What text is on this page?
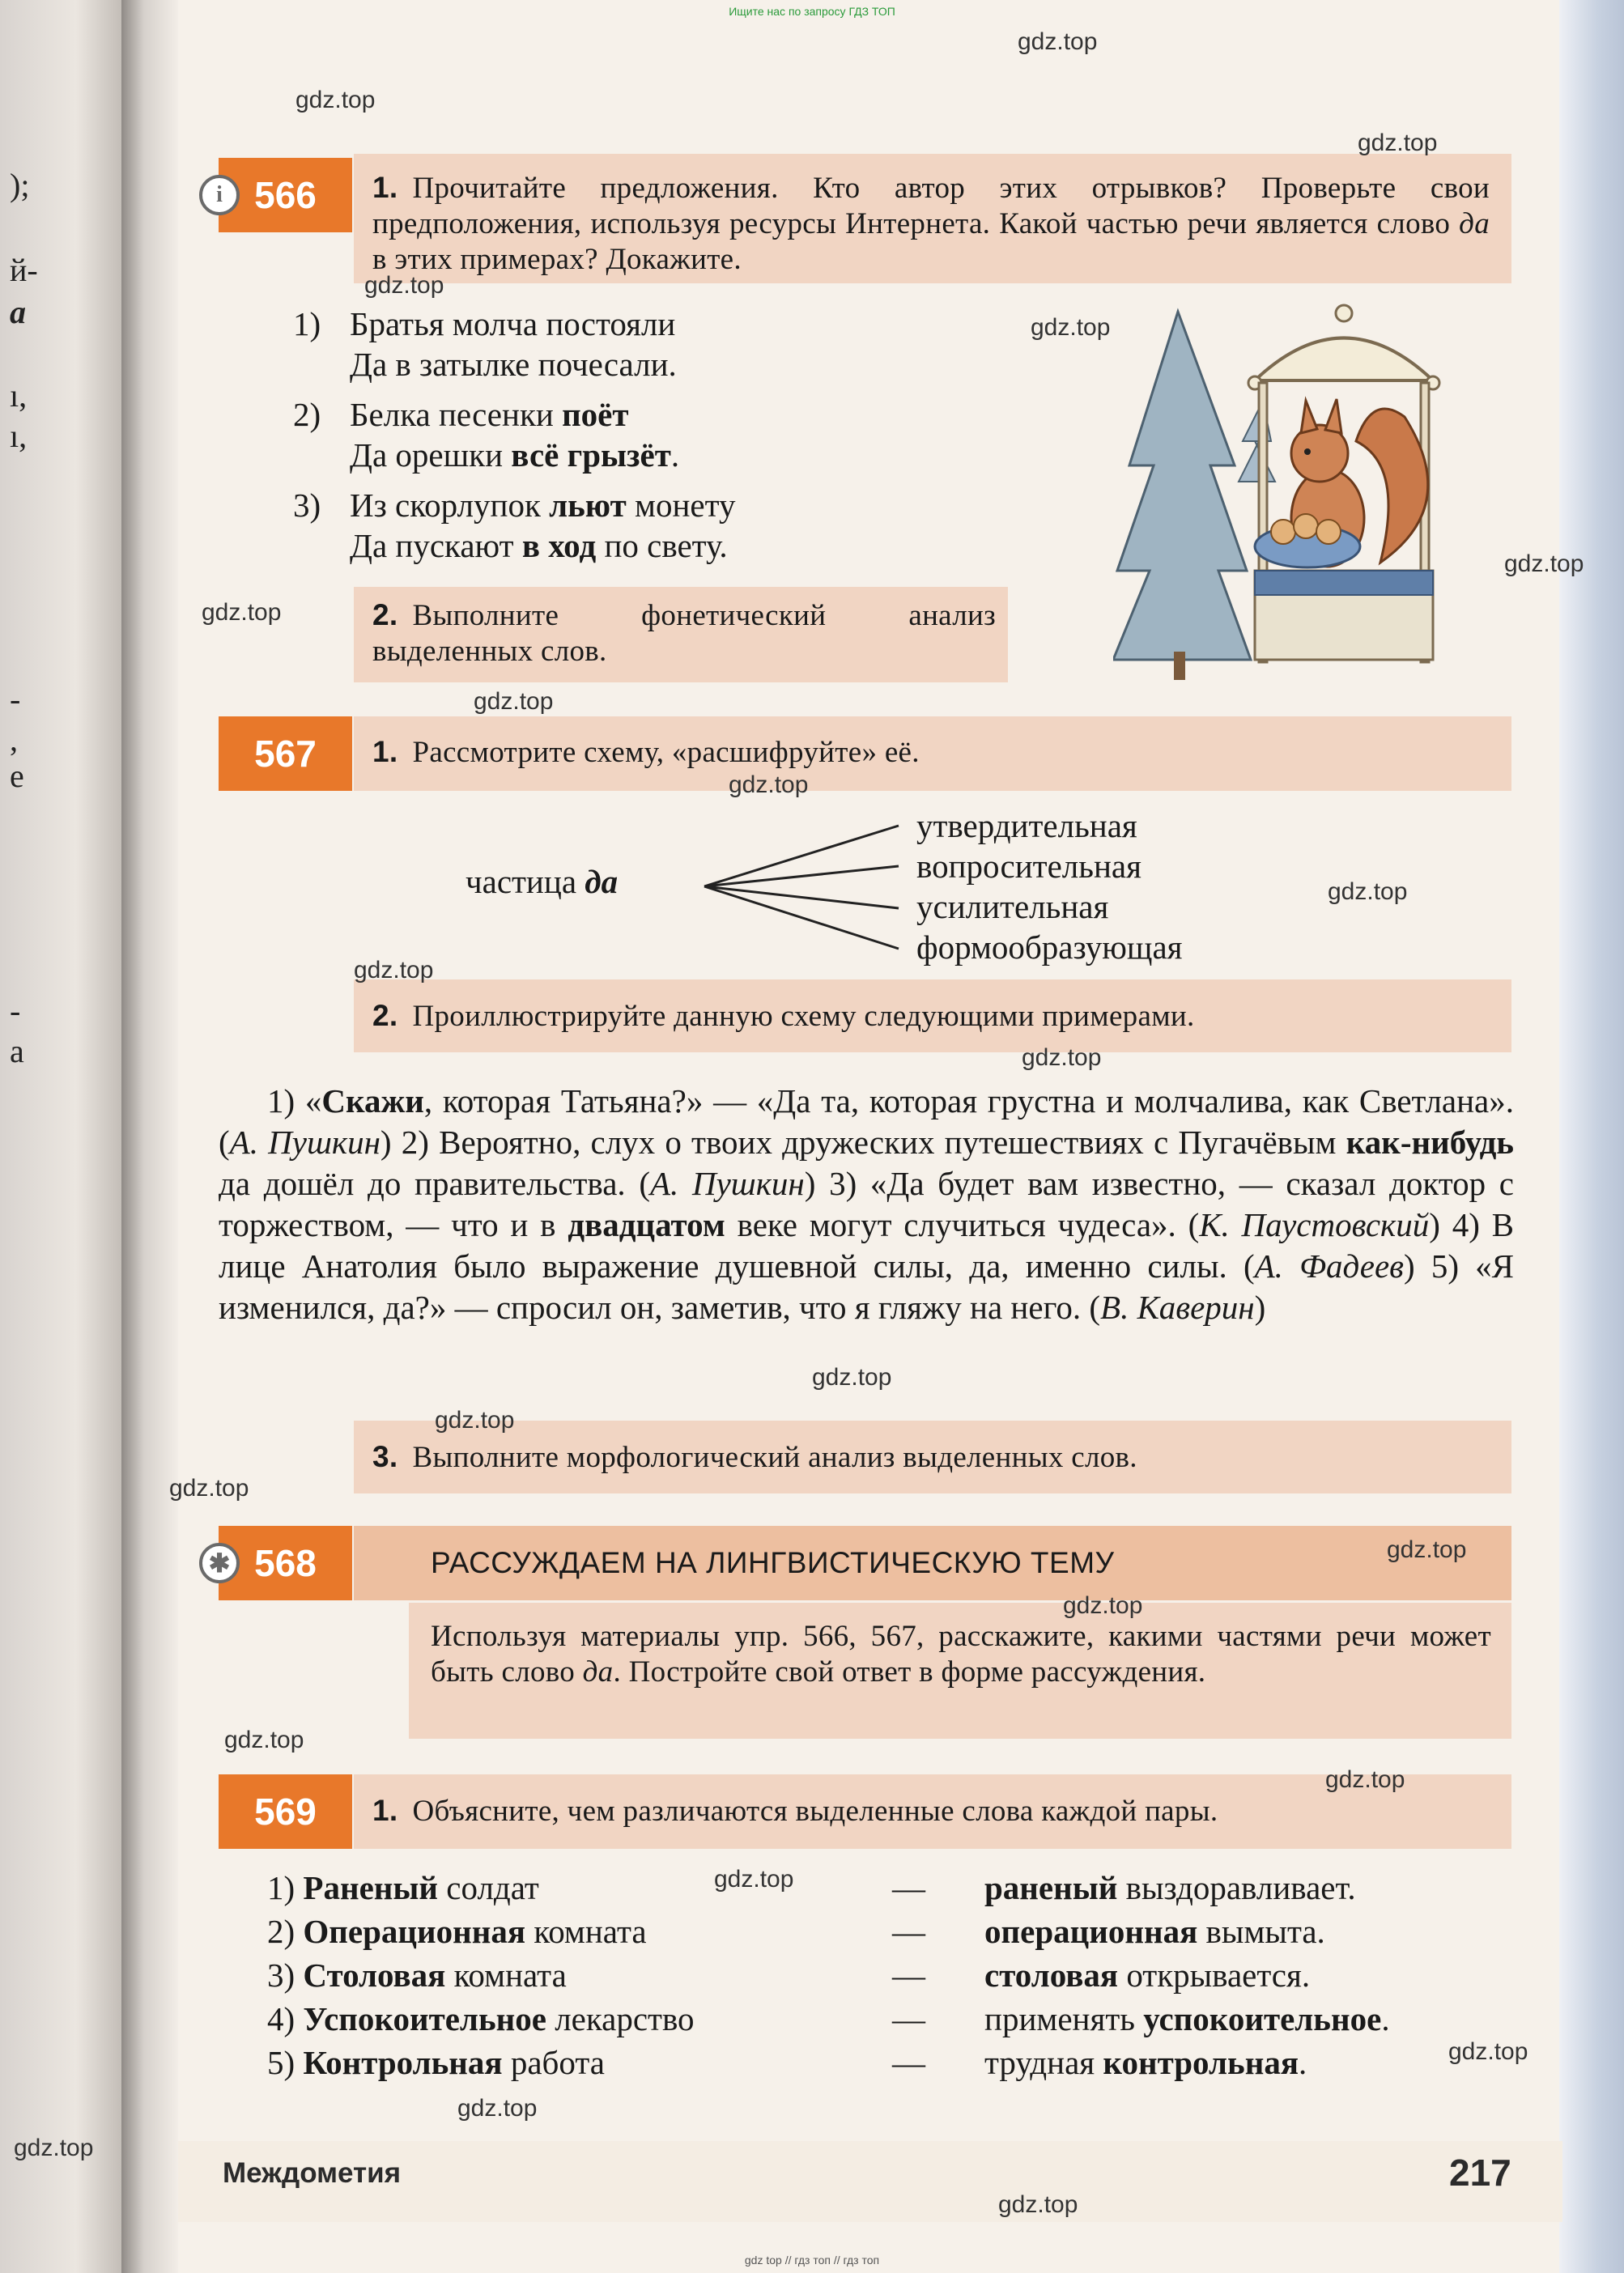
);
й-
а
ı,
ı,
-
,
е
-
а
i 566 1. Прочитайте предложения. Кто автор этих отрывков? Проверьте свои предположения, используя ресурсы Интернета. Какой частью речи является слово да в этих примерах? Докажите.
1) Братья молча постояли
Да в затылке почесали.
2) Белка песенки поёт
Да орешки всё грызёт.
3) Из скорлупок льют монету
Да пускают в ход по свету.
2. Выполните фонетический анализ выделенных слов.
567 1. Рассмотрите схему, «расшифруйте» её.
частица да
утвердительная
вопросительная
усилительная
формообразующая
2. Проиллюстрируйте данную схему следующими примерами.
1) «Скажи, которая Татьяна?» — «Да та, которая грустна и молчалива, как Светлана». (А. Пушкин) 2) Вероятно, слух о твоих дружеских путешествиях с Пугачёвым как-нибудь да дошёл до правительства. (А. Пушкин) 3) «Да будет вам известно, — сказал доктор с торжеством, — что и в двадцатом веке могут случиться чудеса». (К. Паустовский) 4) В лице Анатолия было выражение душевной силы, да, именно силы. (А. Фадеев) 5) «Я изменился, да?» — спросил он, заметив, что я гляжу на него. (В. Каверин)
3. Выполните морфологический анализ выделенных слов.
✱ 568	РАССУЖДАЕМ НА ЛИНГВИСТИЧЕСКУЮ ТЕМУ
Используя материалы упр. 566, 567, расскажите, какими частями речи может быть слово да. Постройте свой ответ в форме рассуждения.
569 1. Объясните, чем различаются выделенные слова каждой пары.
1) Раненый солдат	— раненый выздоравливает.
2) Операционная комната	— операционная вымыта.
3) Столовая комната	— столовая открывается.
4) Успокоительное лекарство	— применять успокоительное.
5) Контрольная работа	— трудная контрольная.
Междометия	217
Ищите нас по запросу ГДЗ ТОП
gdz top // гдз топ // гдз топ
gdz.top
gdz.top
gdz.top
gdz.top
gdz.top
gdz.top
gdz.top
gdz.top
gdz.top
gdz.top
gdz.top
gdz.top
gdz.top
gdz.top
gdz.top
gdz.top
gdz.top
gdz.top
gdz.top
gdz.top
gdz.top
gdz.top
gdz.top
gdz.top
